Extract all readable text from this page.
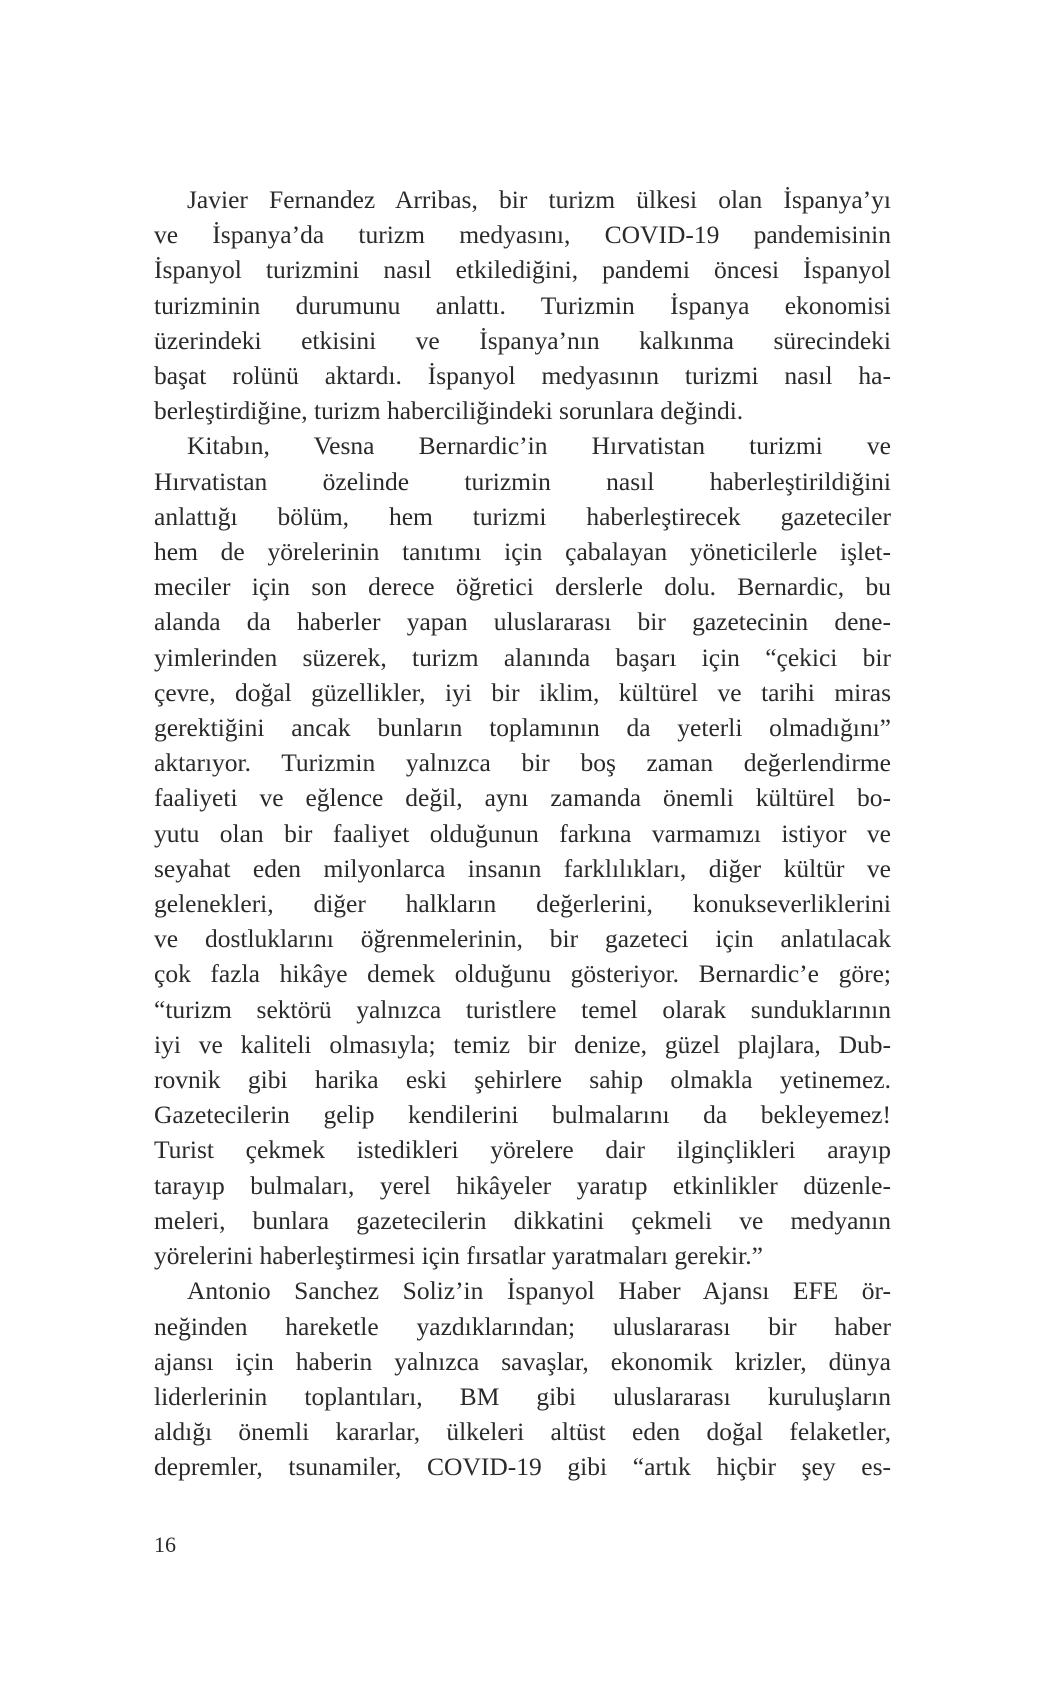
Javier Fernandez Arribas, bir turizm ülkesi olan İspanya’yı
ve İspanya’da turizm medyasını, COVID-19 pandemisinin
İspanyol turizmini nasıl etkilediğini, pandemi öncesi İspanyol
turizminin durumunu anlattı. Turizmin İspanya ekonomisi
üzerindeki etkisini ve İspanya’nın kalkınma sürecindeki
başat rolünü aktardı. İspanyol medyasının turizmi nasıl ha-
berleştirdiğine, turizm haberciliğindeki sorunlara değindi.

Kitabın, Vesna Bernardic’in Hırvatistan turizmi ve
Hırvatistan özelinde turizmin nasıl haberleştirildiğini
anlattığı bölüm, hem turizmi haberleştirecek gazeteciler
hem de yörelerinin tanıtımı için çabalayan yöneticilerle işlet-
meciler için son derece öğretici derslerle dolu. Bernardic, bu
alanda da haberler yapan uluslararası bir gazetecinin dene-
yimlerinden süzerek, turizm alanında başarı için “çekici bir
çevre, doğal güzellikler, iyi bir iklim, kültürel ve tarihi miras
gerektiğini ancak bunların toplamının da yeterli olmadığını”
aktarıyor. Turizmin yalnızca bir boş zaman değerlendirme
faaliyeti ve eğlence değil, aynı zamanda önemli kültürel bo-
yutu olan bir faaliyet olduğunun farkına varmamızı istiyor ve
seyahat eden milyonlarca insanın farklılıkları, diğer kültür ve
gelenekleri, diğer halkların değerlerini, konukseverliklerini
ve dostluklarını öğrenmelerinin, bir gazeteci için anlatılacak
çok fazla hikâye demek olduğunu gösteriyor. Bernardic’e göre;
“turizm sektörü yalnızca turistlere temel olarak sunduklarının
iyi ve kaliteli olmasıyla; temiz bir denize, güzel plajlara, Dub-
rovnik gibi harika eski şehirlere sahip olmakla yetinemez.
Gazetecilerin gelip kendilerini bulmalarını da bekleyemez!
Turist çekmek istedikleri yörelere dair ilginçlikleri arayıp
tarayıp bulmaları, yerel hikâyeler yaratıp etkinlikler düzenle-
meleri, bunlara gazetecilerin dikkatini çekmeli ve medyanın
yörelerini haberleştirmesi için fırsatlar yaratmaları gerekir.”

Antonio Sanchez Soliz’in İspanyol Haber Ajansı EFE ör-
neğinden hareketle yazdıklarından; uluslararası bir haber
ajansı için haberin yalnızca savaşlar, ekonomik krizler, dünya
liderlerinin toplantıları, BM gibi uluslararası kuruluşların
aldığı önemli kararlar, ülkeleri altüst eden doğal felaketler,
depremler, tsunamiler, COVID-19 gibi “artık hiçbir şey es-

16
